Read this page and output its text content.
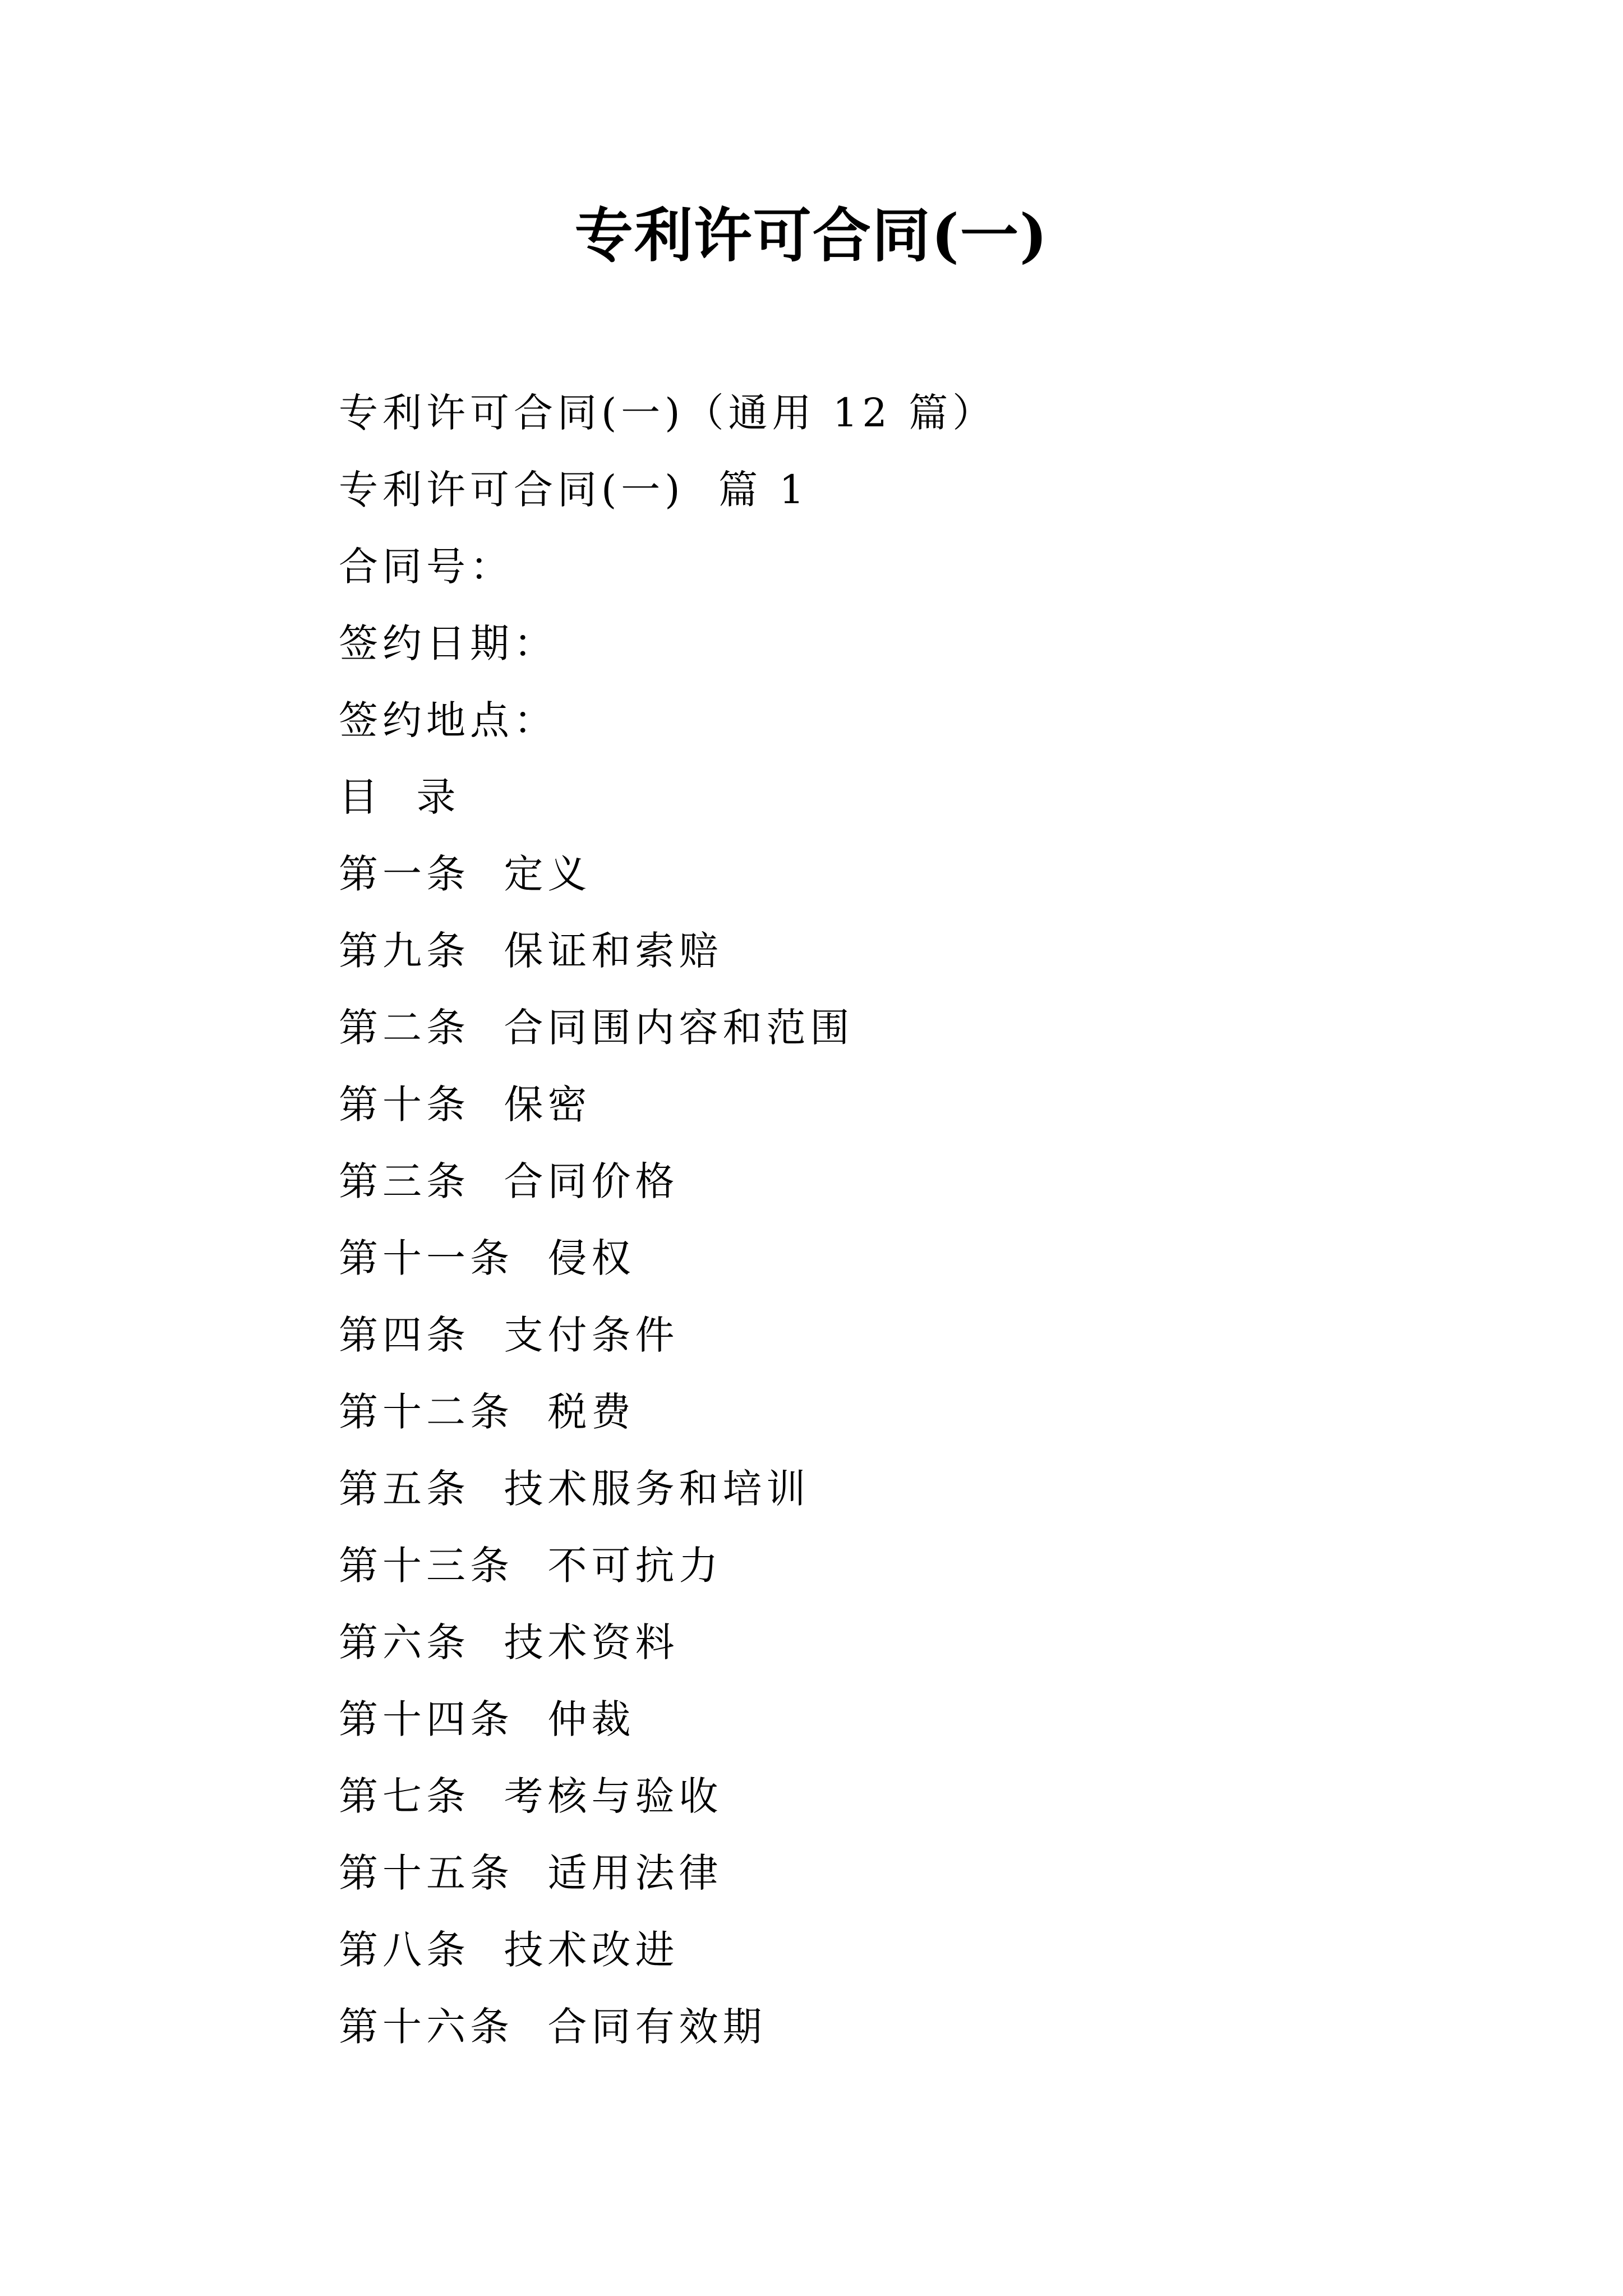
专利许可合同(一)
专利许可合同(一)（通用 12 篇）
专利许可合同(一)  篇 1
合同号：
签约日期：
签约地点：
目  录
第一条  定义
第九条  保证和索赔
第二条  合同围内容和范围
第十条  保密
第三条  合同价格
第十一条  侵权
第四条  支付条件
第十二条  税费
第五条  技术服务和培训
第十三条  不可抗力
第六条  技术资料
第十四条  仲裁
第七条  考核与验收
第十五条  适用法律
第八条  技术改进
第十六条  合同有效期
